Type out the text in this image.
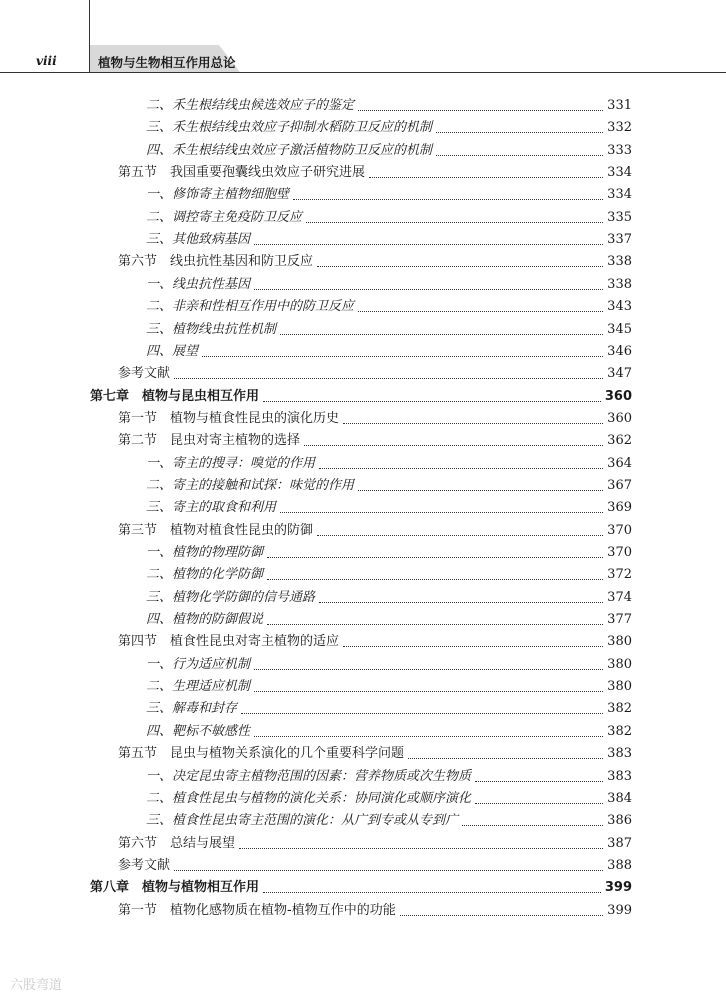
viii	植物与生物相互作用总论
二、禾生根结线虫候选效应子的鉴定	331
三、禾生根结线虫效应子抑制水稻防卫反应的机制	332
四、禾生根结线虫效应子激活植物防卫反应的机制	333
第五节　我国重要孢囊线虫效应子研究进展	334
一、修饰寄主植物细胞壁	334
二、调控寄主免疫防卫反应	335
三、其他致病基因	337
第六节　线虫抗性基因和防卫反应	338
一、线虫抗性基因	338
二、非亲和性相互作用中的防卫反应	343
三、植物线虫抗性机制	345
四、展望	346
参考文献	347
第七章　植物与昆虫相互作用	360
第一节　植物与植食性昆虫的演化历史	360
第二节　昆虫对寄主植物的选择	362
一、寄主的搜寻：嗅觉的作用	364
二、寄主的接触和试探：味觉的作用	367
三、寄主的取食和利用	369
第三节　植物对植食性昆虫的防御	370
一、植物的物理防御	370
二、植物的化学防御	372
三、植物化学防御的信号通路	374
四、植物的防御假说	377
第四节　植食性昆虫对寄主植物的适应	380
一、行为适应机制	380
二、生理适应机制	380
三、解毒和封存	382
四、靶标不敏感性	382
第五节　昆虫与植物关系演化的几个重要科学问题	383
一、决定昆虫寄主植物范围的因素：营养物质或次生物质	383
二、植食性昆虫与植物的演化关系：协同演化或顺序演化	384
三、植食性昆虫寄主范围的演化：从广到专或从专到广	386
第六节　总结与展望	387
参考文献	388
第八章　植物与植物相互作用	399
第一节　植物化感物质在植物-植物互作中的功能	399
六股弯道
